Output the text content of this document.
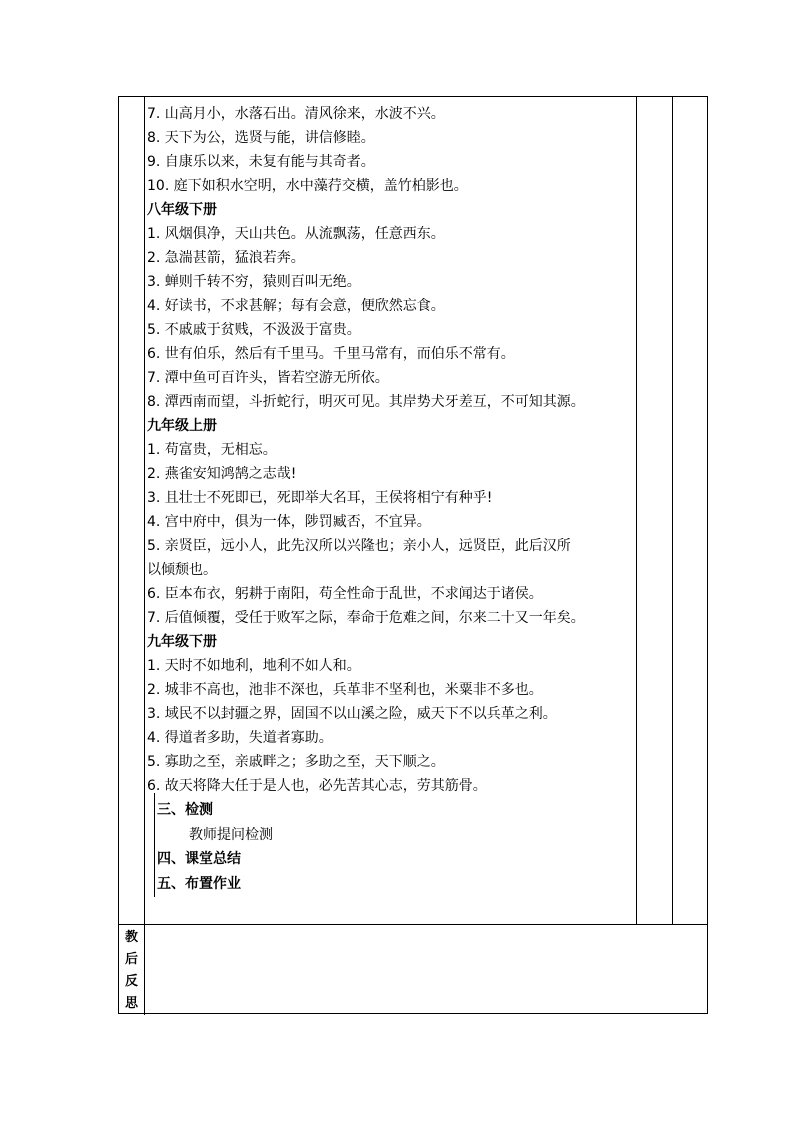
7. 山高月小，水落石出。清风徐来，水波不兴。
8. 天下为公，选贤与能，讲信修睦。
9. 自康乐以来，未复有能与其奇者。
10. 庭下如积水空明，水中藻荇交横，盖竹柏影也。
八年级下册
1. 风烟俱净，天山共色。从流飘荡，任意西东。
2. 急湍甚箭，猛浪若奔。
3. 蝉则千转不穷，猿则百叫无绝。
4. 好读书，不求甚解；每有会意，便欣然忘食。
5. 不戚戚于贫贱，不汲汲于富贵。
6. 世有伯乐，然后有千里马。千里马常有，而伯乐不常有。
7. 潭中鱼可百许头，皆若空游无所依。
8. 潭西南而望，斗折蛇行，明灭可见。其岸势犬牙差互，不可知其源。
九年级上册
1. 苟富贵，无相忘。
2. 燕雀安知鸿鹄之志哉!
3. 且壮士不死即已，死即举大名耳，王侯将相宁有种乎!
4. 宫中府中，俱为一体，陟罚臧否，不宜异。
5. 亲贤臣，远小人，此先汉所以兴隆也；亲小人，远贤臣，此后汉所
以倾颓也。
6. 臣本布衣，躬耕于南阳，苟全性命于乱世，不求闻达于诸侯。
7. 后值倾覆，受任于败军之际，奉命于危难之间，尔来二十又一年矣。
九年级下册
1. 天时不如地利，地利不如人和。
2. 城非不高也，池非不深也，兵革非不坚利也，米粟非不多也。
3. 域民不以封疆之界，固国不以山溪之险，威天下不以兵革之利。
4. 得道者多助，失道者寡助。
5. 寡助之至，亲戚畔之；多助之至，天下顺之。
6. 故天将降大任于是人也，必先苦其心志，劳其筋骨。
三、检测
教师提问检测
四、课堂总结
五、布置作业
教
后
反
思
